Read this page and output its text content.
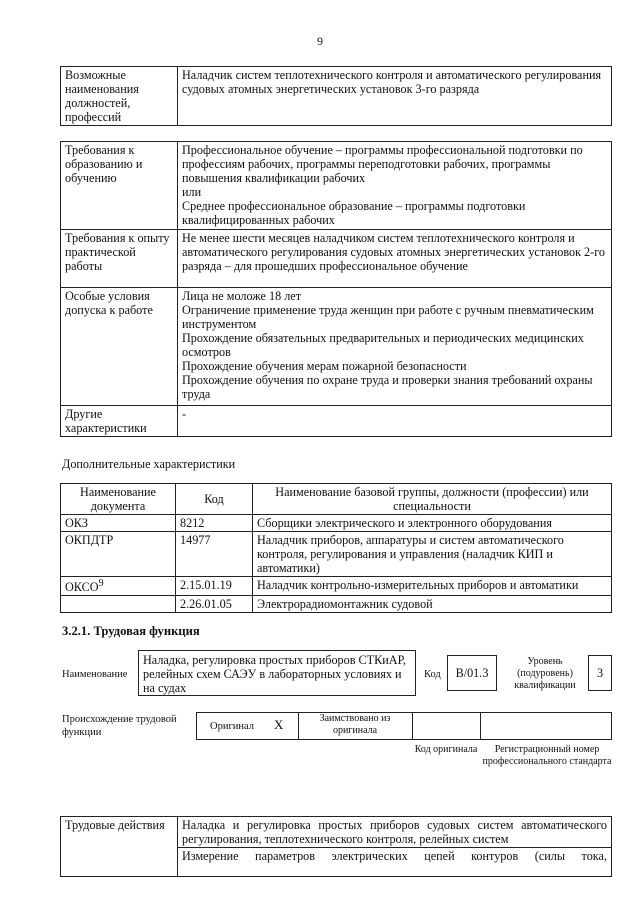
9
Возможные наименования должностей, профессий	Наладчик систем теплотехнического контроля и автоматического регулирования судовых атомных энергетических установок 3-го разряда
Требования к образованию и обучению	Профессиональное обучение – программы профессиональной подготовки по профессиям рабочих, программы переподготовки рабочих, программы повышения квалификации рабочих
или
Среднее профессиональное образование – программы подготовки квалифицированных рабочих

Требования к опыту практической работы	Не менее шести месяцев наладчиком систем теплотехнического контроля и автоматического регулирования судовых атомных энергетических установок 2-го разряда – для прошедших профессиональное обучение

Особые условия допуска к работе	Лица не моложе 18 лет
Ограничение применение труда женщин при работе с ручным пневматическим инструментом
Прохождение обязательных предварительных и периодических медицинских осмотров
Прохождение обучения мерам пожарной безопасности
Прохождение обучения по охране труда и проверки знания требований охраны труда

Другие характеристики	-
Дополнительные характеристики
Наименование документа	Код	Наименование базовой группы, должности (профессии) или специальности
ОКЗ	8212	Сборщики электрического и электронного оборудования
ОКПДТР	14977	Наладчик приборов, аппаратуры и систем автоматического контроля, регулирования и управления (наладчик КИП и автоматики)
ОКСО$^9$	2.15.01.19	Наладчик контрольно-измерительных приборов и автоматики
	2.26.01.05	Электрорадиомонтажник судовой
3.2.1. Трудовая функция
Наименование
Наладка, регулировка простых приборов СТКиАР, релейных схем САЭУ в лабораторных условиях и на судах
Код	В/01.3
Уровень (подуровень) квалификации
3
Происхождение трудовой функции
Оригинал X	Заимствовано из оригинала
Код оригинала	Регистрационный номер профессионального стандарта
Трудовые действия	Наладка и регулировка простых приборов судовых систем автоматического регулирования, теплотехнического контроля, релейных систем
Измерение параметров электрических цепей контуров (силы тока,
